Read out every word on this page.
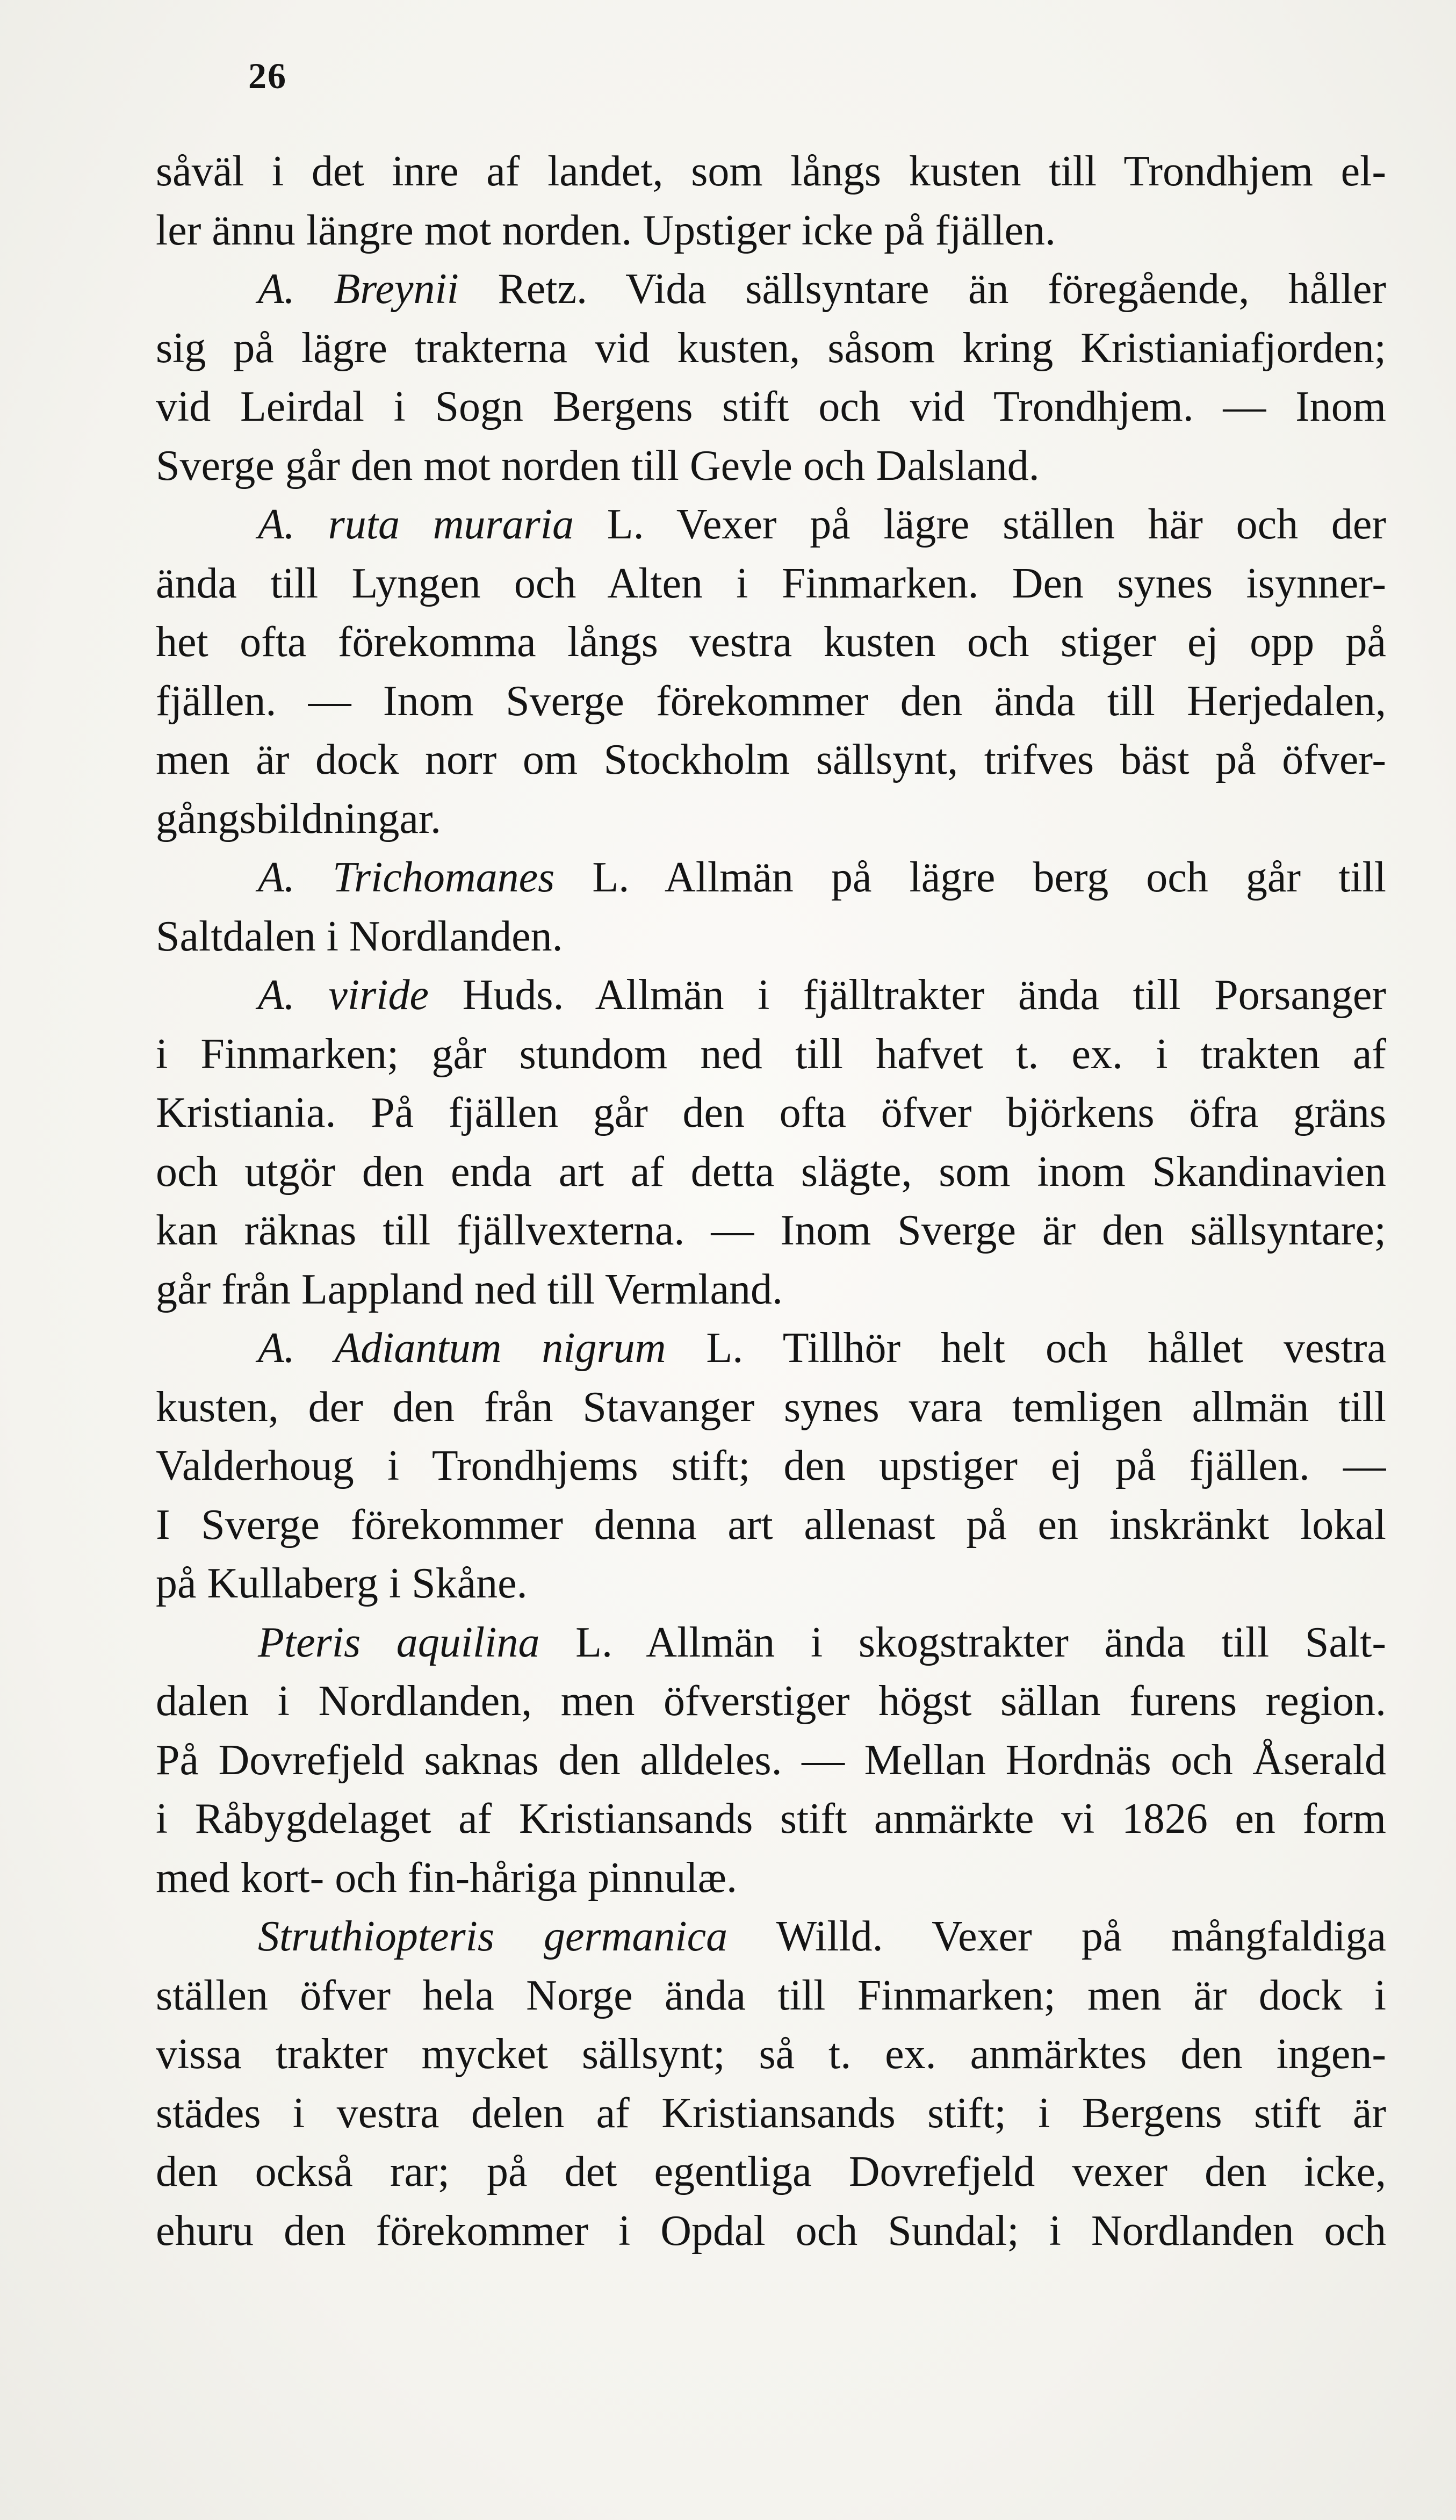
26
såväl i det inre af landet, som långs kusten till Trondhjem el-
ler ännu längre mot norden. Upstiger icke på fjällen.
A. Breynii Retz. Vida sällsyntare än föregående, håller
sig på lägre trakterna vid kusten, såsom kring Kristianiafjorden;
vid Leirdal i Sogn Bergens stift och vid Trondhjem. — Inom
Sverge går den mot norden till Gevle och Dalsland.
A. ruta muraria L. Vexer på lägre ställen här och der
ända till Lyngen och Alten i Finmarken. Den synes isynner-
het ofta förekomma långs vestra kusten och stiger ej opp på
fjällen. — Inom Sverge förekommer den ända till Herjedalen,
men är dock norr om Stockholm sällsynt, trifves bäst på öfver-
gångsbildningar.
A. Trichomanes L. Allmän på lägre berg och går till
Saltdalen i Nordlanden.
A. viride Huds. Allmän i fjälltrakter ända till Porsanger
i Finmarken; går stundom ned till hafvet t. ex. i trakten af
Kristiania. På fjällen går den ofta öfver björkens öfra gräns
och utgör den enda art af detta slägte, som inom Skandinavien
kan räknas till fjällvexterna. — Inom Sverge är den sällsyntare;
går från Lappland ned till Vermland.
A. Adiantum nigrum L. Tillhör helt och hållet vestra
kusten, der den från Stavanger synes vara temligen allmän till
Valderhoug i Trondhjems stift; den upstiger ej på fjällen. —
I Sverge förekommer denna art allenast på en inskränkt lokal
på Kullaberg i Skåne.
Pteris aquilina L. Allmän i skogstrakter ända till Salt-
dalen i Nordlanden, men öfverstiger högst sällan furens region.
På Dovrefjeld saknas den alldeles. — Mellan Hordnäs och Åserald
i Råbygdelaget af Kristiansands stift anmärkte vi 1826 en form
med kort- och fin-håriga pinnulæ.
Struthiopteris germanica Willd. Vexer på mångfaldiga
ställen öfver hela Norge ända till Finmarken; men är dock i
vissa trakter mycket sällsynt; så t. ex. anmärktes den ingen-
städes i vestra delen af Kristiansands stift; i Bergens stift är
den också rar; på det egentliga Dovrefjeld vexer den icke,
ehuru den förekommer i Opdal och Sundal; i Nordlanden och
